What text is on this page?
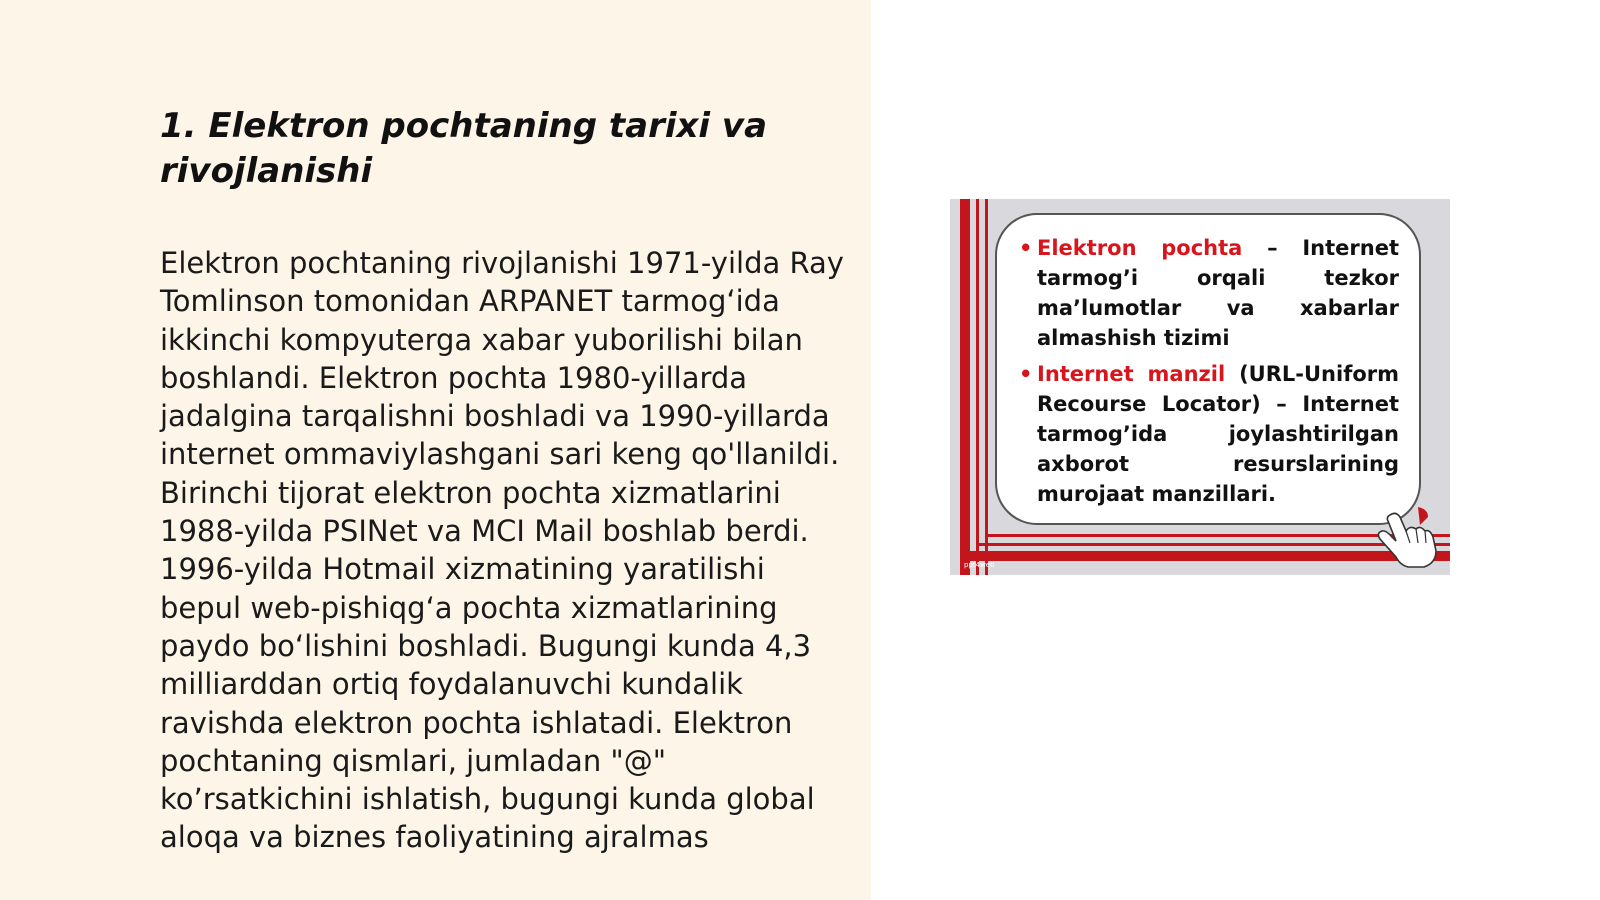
1. Elektron pochtaning tarixi va rivojlanishi

Elektron pochtaning rivojlanishi 1971-yilda Ray Tomlinson tomonidan ARPANET tarmog‘ida ikkinchi kompyuterga xabar yuborilishi bilan boshlandi. Elektron pochta 1980-yillarda jadalgina tarqalishni boshladi va 1990-yillarda internet ommaviylashgani sari keng qo'llanildi. Birinchi tijorat elektron pochta xizmatlarini 1988-yilda PSINet va MCI Mail boshlab berdi. 1996-yilda Hotmail xizmatining yaratilishi bepul web-pishiqg‘a pochta xizmatlarining paydo bo‘lishini boshladi. Bugungi kunda 4,3 milliarddan ortiq foydalanuvchi kundalik ravishda elektron pochta ishlatadi. Elektron pochtaning qismlari, jumladan "@" ko’rsatkichini ishlatish, bugungi kunda global aloqa va biznes faoliyatining ajralmas

• Elektron pochta – Internet tarmog’i orqali tezkor ma’lumotlar va xabarlar almashish tizimi

• Internet manzil (URL-Uniform Recourse Locator) – Internet tarmog’ida joylashtirilgan axborot resurslarining murojaat manzillari.

ppt4web
